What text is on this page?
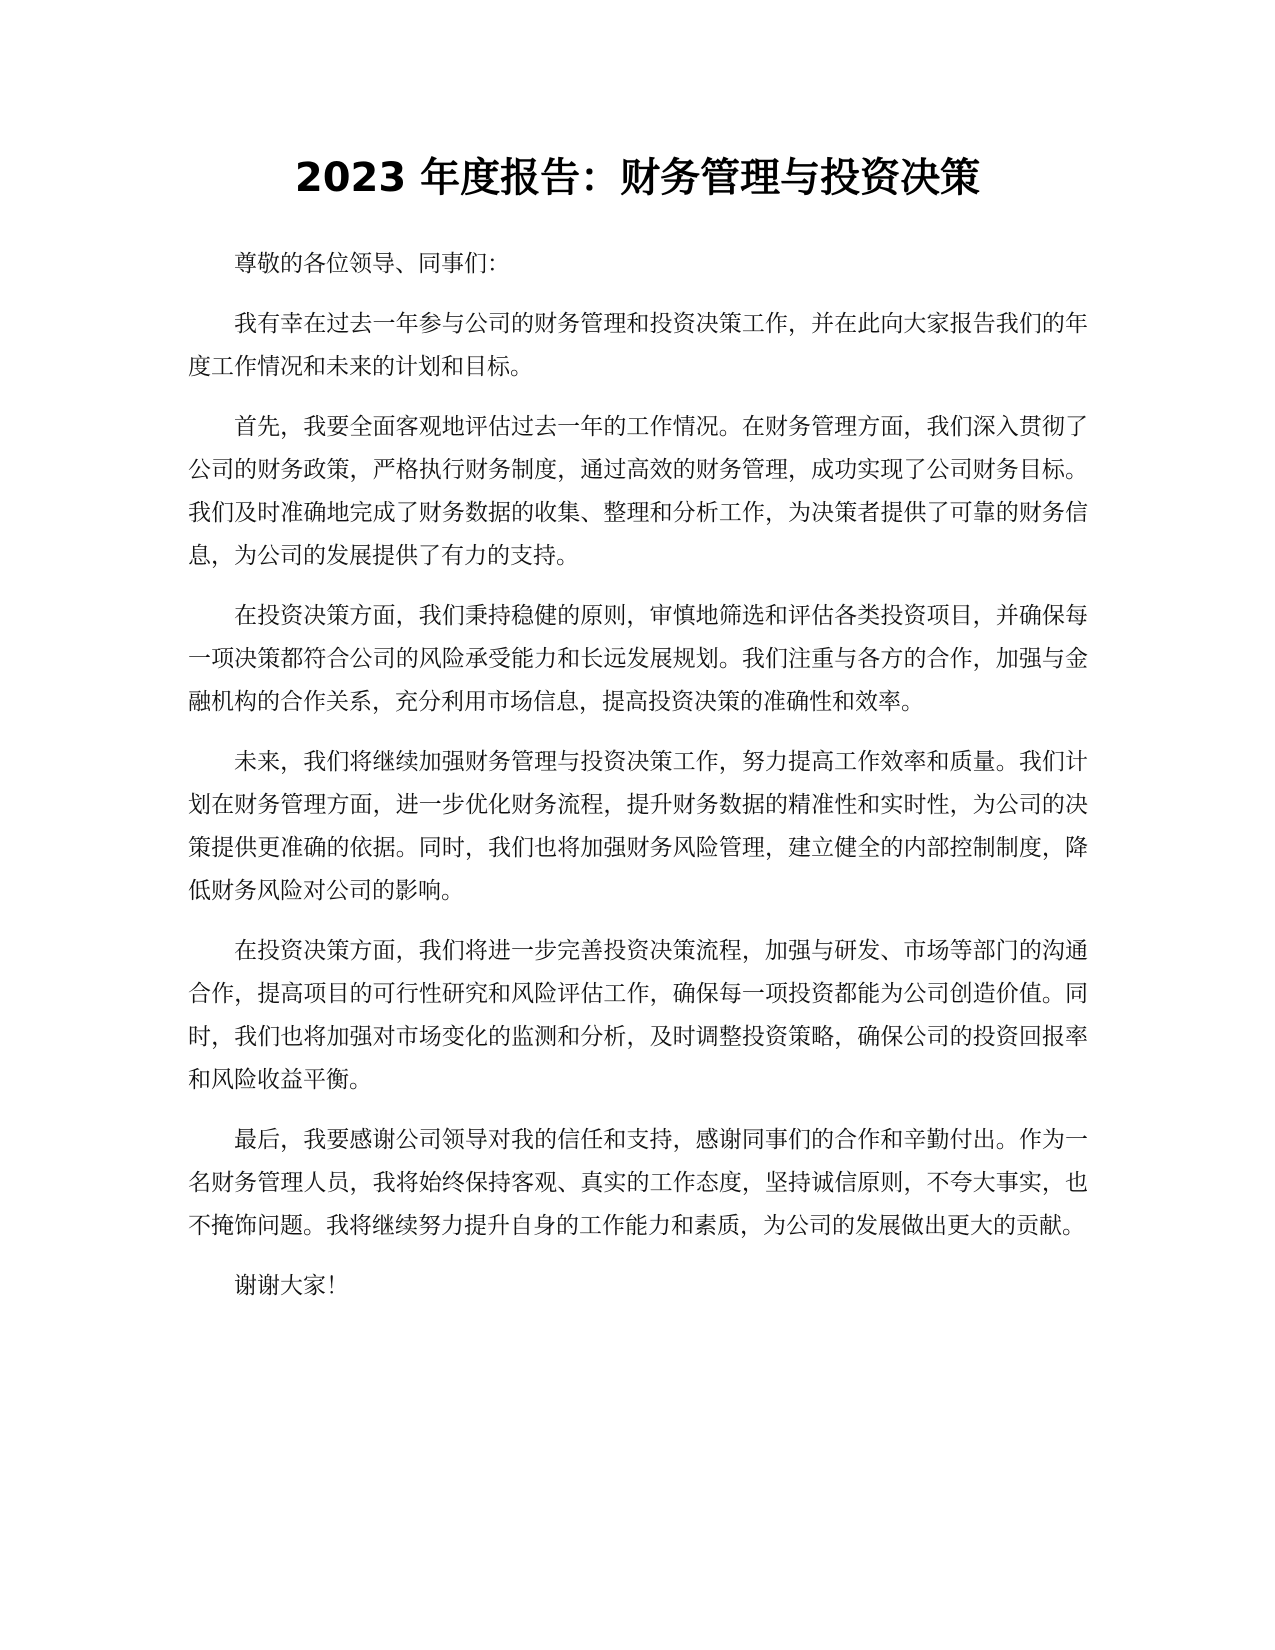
2023 年度报告：财务管理与投资决策

尊敬的各位领导、同事们：

我有幸在过去一年参与公司的财务管理和投资决策工作，并在此向大家报告我们的年度工作情况和未来的计划和目标。

首先，我要全面客观地评估过去一年的工作情况。在财务管理方面，我们深入贯彻了公司的财务政策，严格执行财务制度，通过高效的财务管理，成功实现了公司财务目标。我们及时准确地完成了财务数据的收集、整理和分析工作，为决策者提供了可靠的财务信息，为公司的发展提供了有力的支持。

在投资决策方面，我们秉持稳健的原则，审慎地筛选和评估各类投资项目，并确保每一项决策都符合公司的风险承受能力和长远发展规划。我们注重与各方的合作，加强与金融机构的合作关系，充分利用市场信息，提高投资决策的准确性和效率。

未来，我们将继续加强财务管理与投资决策工作，努力提高工作效率和质量。我们计划在财务管理方面，进一步优化财务流程，提升财务数据的精准性和实时性，为公司的决策提供更准确的依据。同时，我们也将加强财务风险管理，建立健全的内部控制制度，降低财务风险对公司的影响。

在投资决策方面，我们将进一步完善投资决策流程，加强与研发、市场等部门的沟通合作，提高项目的可行性研究和风险评估工作，确保每一项投资都能为公司创造价值。同时，我们也将加强对市场变化的监测和分析，及时调整投资策略，确保公司的投资回报率和风险收益平衡。

最后，我要感谢公司领导对我的信任和支持，感谢同事们的合作和辛勤付出。作为一名财务管理人员，我将始终保持客观、真实的工作态度，坚持诚信原则，不夸大事实，也不掩饰问题。我将继续努力提升自身的工作能力和素质，为公司的发展做出更大的贡献。

谢谢大家！
